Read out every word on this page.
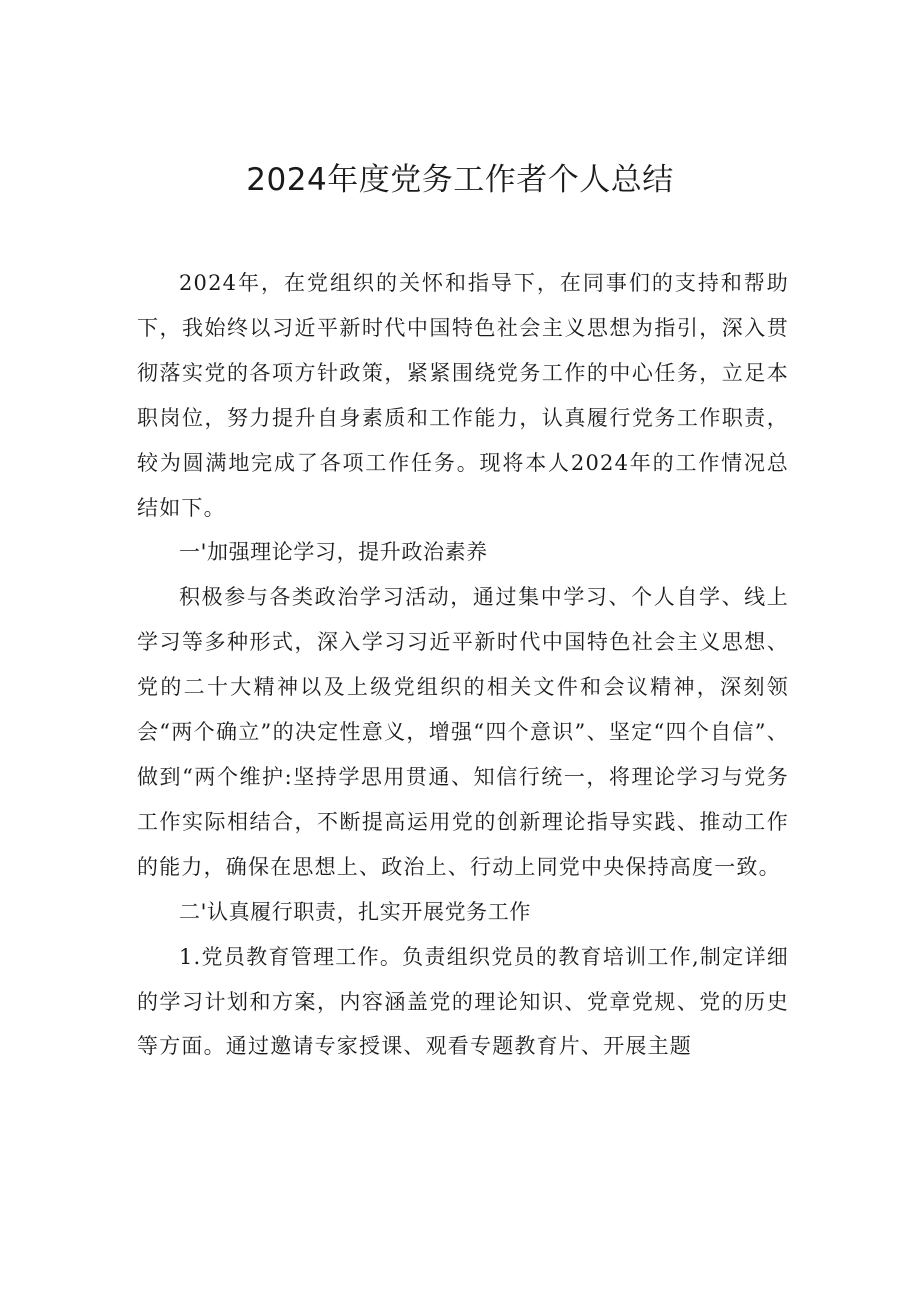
2024年度党务工作者个人总结

2024年，在党组织的关怀和指导下，在同事们的支持和帮助下，我始终以习近平新时代中国特色社会主义思想为指引，深入贯彻落实党的各项方针政策，紧紧围绕党务工作的中心任务，立足本职岗位，努力提升自身素质和工作能力，认真履行党务工作职责，较为圆满地完成了各项工作任务。现将本人2024年的工作情况总结如下。

一'加强理论学习，提升政治素养

积极参与各类政治学习活动，通过集中学习、个人自学、线上学习等多种形式，深入学习习近平新时代中国特色社会主义思想、党的二十大精神以及上级党组织的相关文件和会议精神，深刻领会“两个确立”的决定性意义，增强“四个意识”、坚定“四个自信”、做到“两个维护:坚持学思用贯通、知信行统一，将理论学习与党务工作实际相结合，不断提高运用党的创新理论指导实践、推动工作的能力，确保在思想上、政治上、行动上同党中央保持高度一致。

二'认真履行职责，扎实开展党务工作

1.党员教育管理工作。负责组织党员的教育培训工作,制定详细的学习计划和方案，内容涵盖党的理论知识、党章党规、党的历史等方面。通过邀请专家授课、观看专题教育片、开展主题
